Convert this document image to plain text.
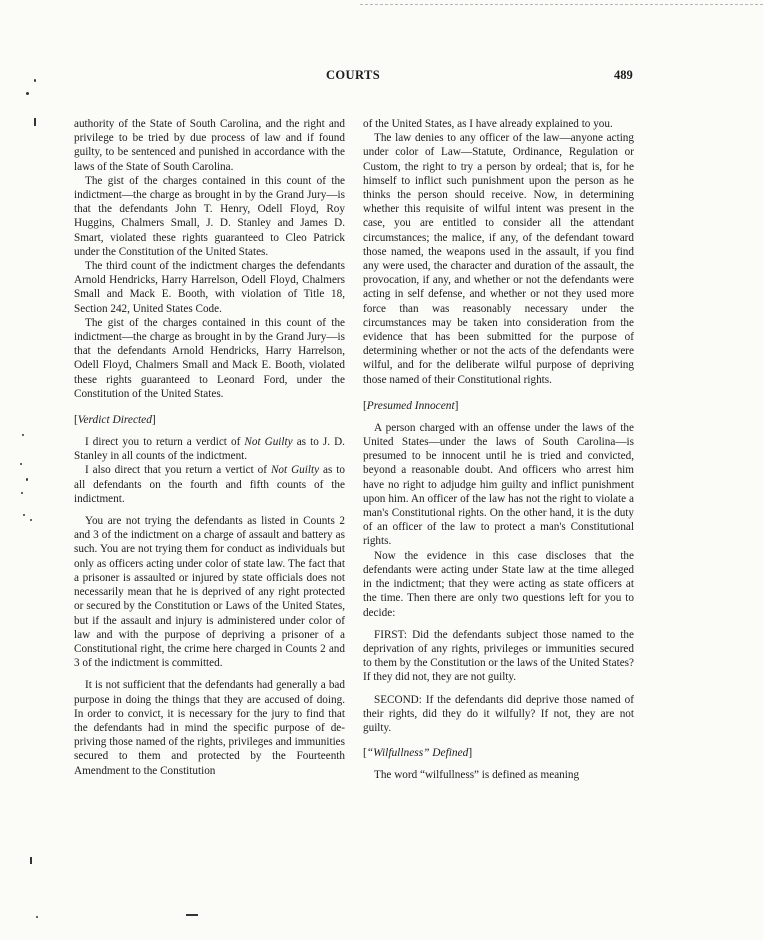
COURTS	489

authority of the State of South Carolina, and the right and privilege to be tried by due process of law and if found guilty, to be sentenced and punished in accordance with the laws of the State of South Carolina.

The gist of the charges contained in this count of the indictment—the charge as brought in by the Grand Jury—is that the defendants John T. Henry, Odell Floyd, Roy Huggins, Chalmers Small, J. D. Stanley and James D. Smart, violated these rights guaranteed to Cleo Patrick under the Constitution of the United States.

The third count of the indictment charges the defendants Arnold Hendricks, Harry Harrelson, Odell Floyd, Chalmers Small and Mack E. Booth, with violation of Title 18, Section 242, United States Code.

The gist of the charges contained in this count of the indictment—the charge as brought in by the Grand Jury—is that the defendants Arnold Hendricks, Harry Harrelson, Odell Floyd, Chalmers Small and Mack E. Booth, violated these rights guaranteed to Leonard Ford, under the Constitution of the United States.

[Verdict Directed]

I direct you to return a verdict of Not Guilty as to J. D. Stanley in all counts of the indictment.

I also direct that you return a vertict of Not Guilty as to all defendants on the fourth and fifth counts of the indictment.

You are not trying the defendants as listed in Counts 2 and 3 of the indictment on a charge of assault and battery as such. You are not trying them for conduct as individuals but only as officers acting under color of state law. The fact that a prisoner is assaulted or injured by state officials does not necessarily mean that he is deprived of any right protected or secured by the Constitution or Laws of the United States, but if the assault and injury is administered under color of law and with the purpose of depriving a prisoner of a Constitutional right, the crime here charged in Counts 2 and 3 of the indictment is committed.

It is not sufficient that the defendants had generally a bad purpose in doing the things that they are accused of doing. In order to convict, it is necessary for the jury to find that the defendants had in mind the specific purpose of depriving those named of the rights, privileges and immunities secured to them and protected by the Fourteenth Amendment to the Constitution

of the United States, as I have already explained to you.

The law denies to any officer of the law—anyone acting under color of Law—Statute, Ordinance, Regulation or Custom, the right to try a person by ordeal; that is, for he himself to inflict such punishment upon the person as he thinks the person should receive. Now, in determining whether this requisite of wilful intent was present in the case, you are entitled to consider all the attendant circumstances; the malice, if any, of the defendant toward those named, the weapons used in the assault, if you find any were used, the character and duration of the assault, the provocation, if any, and whether or not the defendants were acting in self defense, and whether or not they used more force than was reasonably necessary under the circumstances may be taken into consideration from the evidence that has been submitted for the purpose of determining whether or not the acts of the defendants were wilful, and for the deliberate wilful purpose of depriving those named of their Constitutional rights.

[Presumed Innocent]

A person charged with an offense under the laws of the United States—under the laws of South Carolina—is presumed to be innocent until he is tried and convicted, beyond a reasonable doubt. And officers who arrest him have no right to adjudge him guilty and inflict punishment upon him. An officer of the law has not the right to violate a man's Constitutional rights. On the other hand, it is the duty of an officer of the law to protect a man's Constitutional rights.

Now the evidence in this case discloses that the defendants were acting under State law at the time alleged in the indictment; that they were acting as state officers at the time. Then there are only two questions left for you to decide:

FIRST: Did the defendants subject those named to the deprivation of any rights, privileges or immunities secured to them by the Constitution or the laws of the United States? If they did not, they are not guilty.

SECOND: If the defendants did deprive those named of their rights, did they do it wilfully? If not, they are not guilty.

[“Wilfullness” Defined]

The word “wilfullness” is defined as meaning
